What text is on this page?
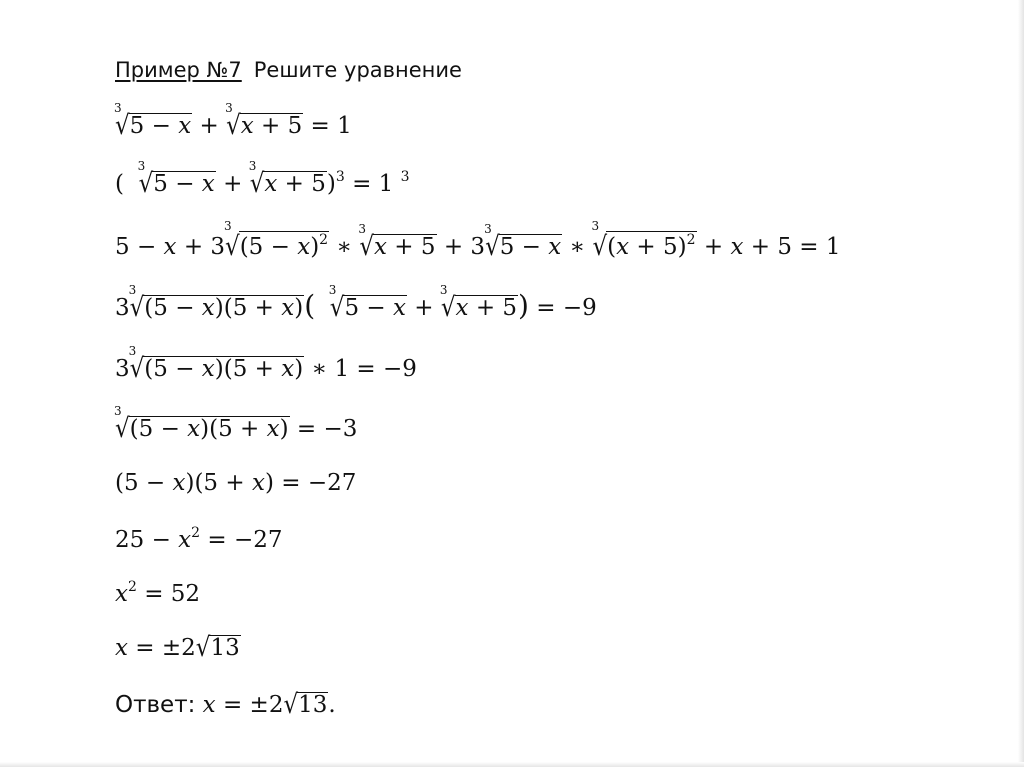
Пример №7 Решите уравнение
3
√5 − x +
3
√x + 5 = 1
(
3
√5 − x +
3
√x + 5)$^3$ = 1 $^3$
5 − x + 3
3
$√(5 - x)^2$ ∗
3
√x + 5 + 3
3
√5 − x ∗
3
$√(x + 5)^2 + x + 5 = 1$
3
3
√(5 − x)(5 + x)( 3
√5 − x +
3
√x + 5) = −9
3
3
√(5 − x)(5 + x) ∗ 1 = −9
3
√(5 − x)(5 + x) = −3
(5 − x)(5 + x) = −27
$25 - x^2 = -27$
$x^2 = 52$
x = ±2√13
Ответ: x = ±2√13.
